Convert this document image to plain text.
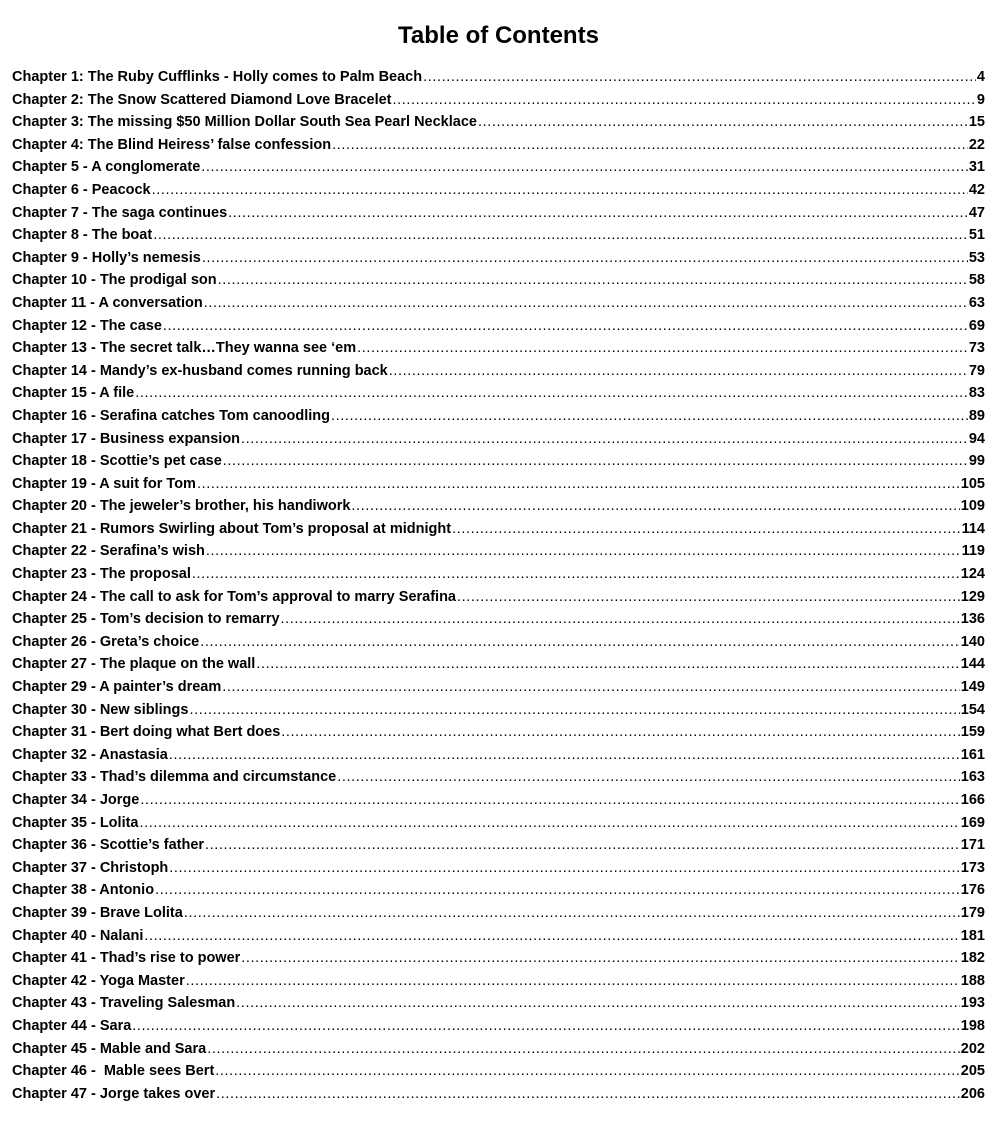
Table of Contents
Chapter 1: The Ruby Cufflinks - Holly comes to Palm Beach .....	4
Chapter 2: The Snow Scattered Diamond Love Bracelet .....	9
Chapter 3: The missing $50 Million Dollar South Sea Pearl Necklace .....	15
Chapter 4: The Blind Heiress’ false confession .....	22
Chapter 5 - A conglomerate .....	31
Chapter 6 - Peacock .....	42
Chapter 7 - The saga continues .....	47
Chapter 8 - The boat .....	51
Chapter 9 - Holly’s nemesis .....	53
Chapter 10 - The prodigal son .....	58
Chapter 11 - A conversation .....	63
Chapter 12 - The case .....	69
Chapter 13 - The secret talk…They wanna see ‘em .....	73
Chapter 14 - Mandy’s ex-husband comes running back .....	79
Chapter 15 - A file .....	83
Chapter 16 - Serafina catches Tom canoodling .....	89
Chapter 17 - Business expansion .....	94
Chapter 18 - Scottie’s pet case .....	99
Chapter 19 - A suit for Tom .....	105
Chapter 20 - The jeweler’s brother, his handiwork .....	109
Chapter 21 - Rumors Swirling about Tom’s proposal at midnight .....	114
Chapter 22 - Serafina’s wish .....	119
Chapter 23 - The proposal .....	124
Chapter 24 - The call to ask for Tom’s approval to marry Serafina .....	129
Chapter 25 - Tom’s decision to remarry .....	136
Chapter 26 - Greta’s choice .....	140
Chapter 27 - The plaque on the wall .....	144
Chapter 29 - A painter’s dream .....	149
Chapter 30 - New siblings .....	154
Chapter 31 - Bert doing what Bert does .....	159
Chapter 32 - Anastasia .....	161
Chapter 33 - Thad’s dilemma and circumstance .....	163
Chapter 34 - Jorge .....	166
Chapter 35 - Lolita .....	169
Chapter 36 - Scottie’s father .....	171
Chapter 37 - Christoph .....	173
Chapter 38 - Antonio .....	176
Chapter 39 - Brave Lolita .....	179
Chapter 40 - Nalani .....	181
Chapter 41 - Thad’s rise to power .....	182
Chapter 42 - Yoga Master .....	188
Chapter 43 - Traveling Salesman .....	193
Chapter 44 - Sara .....	198
Chapter 45 - Mable and Sara .....	202
Chapter 46 -  Mable sees Bert .....	205
Chapter 47 - Jorge takes over .....	206
